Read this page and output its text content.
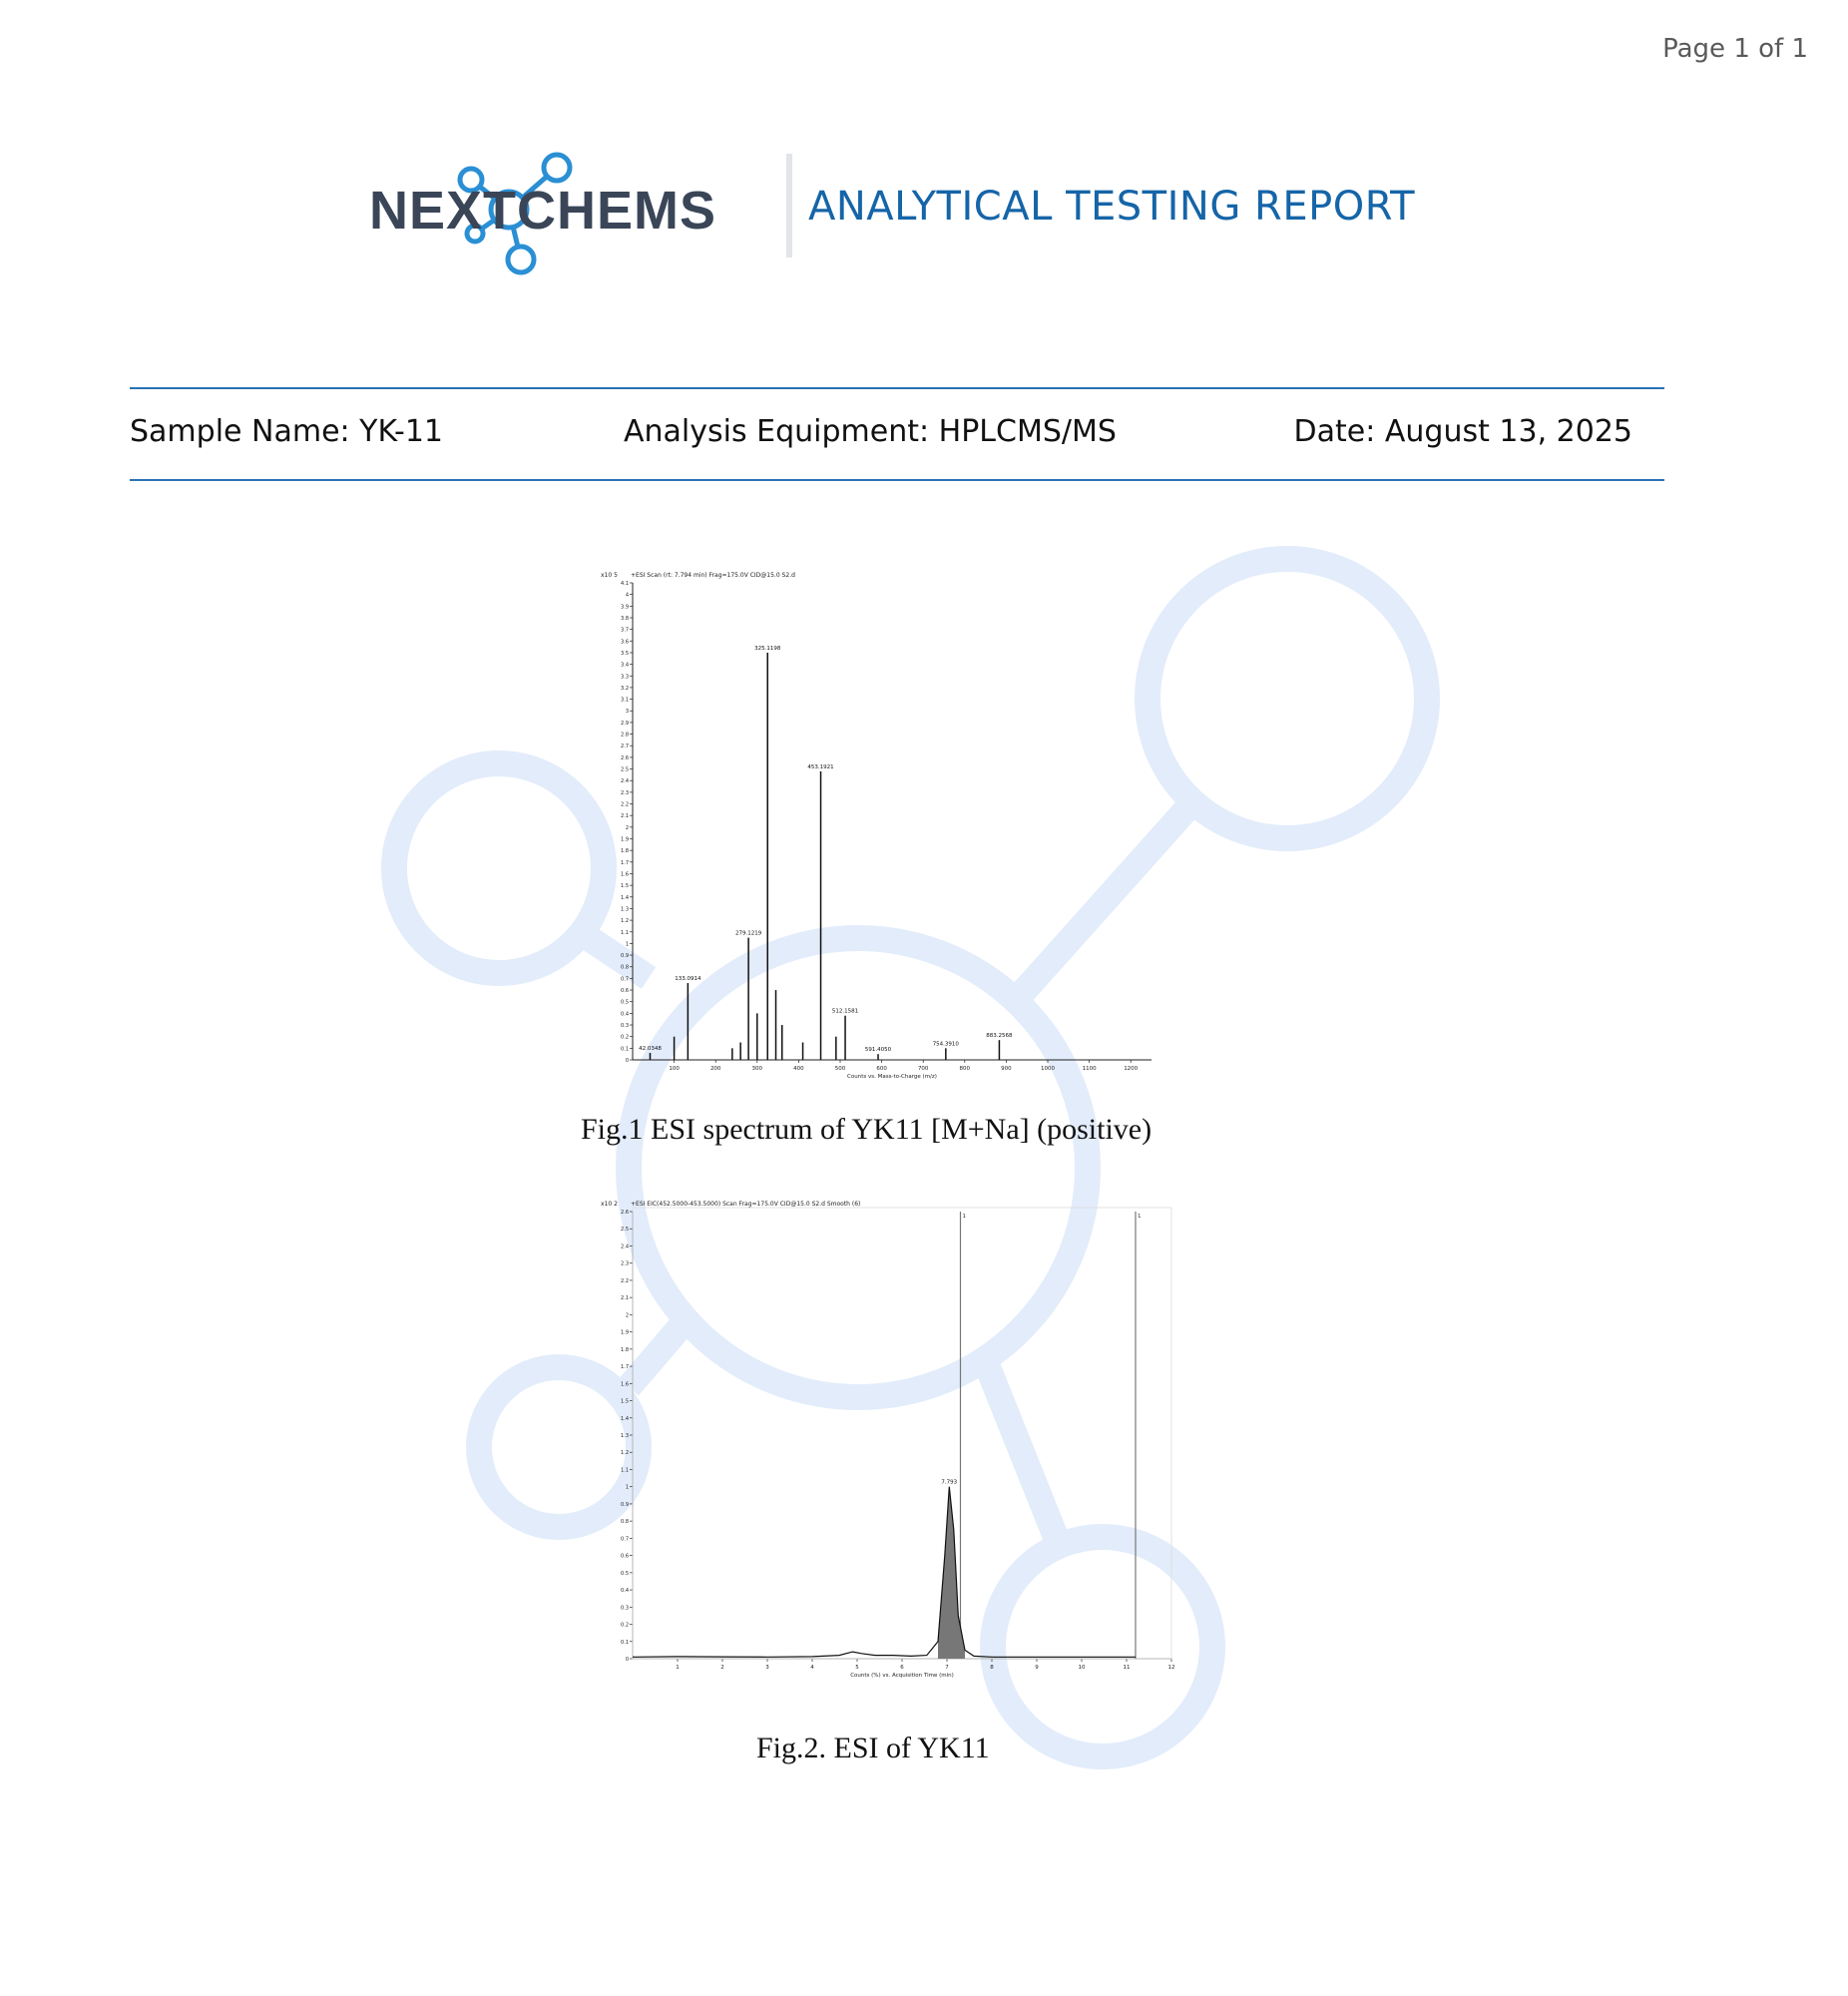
Page 1 of 1
NEXTCHEMS ANALYTICAL TESTING REPORT
Sample Name: YK-11	Analysis Equipment: HPLCMS/MS	Date: August 13, 2025
x10 5 +ESI Scan (rt: 7.794 min) Frag=175.0V CID@15.0 S2.d
0
0.1
0.2
0.3
0.4
0.5
0.6
0.7
0.8
0.9
1
1.1
1.2
1.3
1.4
1.5
1.6
1.7
1.8
1.9
2
2.1
2.2
2.3
2.4
2.5
2.6
2.7
2.8
2.9
3
3.1
3.2
3.3
3.4
3.5
3.6
3.7
3.8
3.9
4
4.1
100	200	300	400	500	600	700	800	900	1000	1100	1200
Counts vs. Mass-to-Charge (m/z)
42.0348
133.0914
279.1219
325.1198
453.1921
512.1581
591.4050
754.3910
883.2568
Fig.1 ESI spectrum of YK11 [M+Na] (positive)
x10 2 +ESI EIC(452.5000-453.5000) Scan Frag=175.0V CID@15.0 S2.d Smooth (6)
0
0.1
0.2
0.3
0.4
0.5
0.6
0.7
0.8
0.9
1
1.1
1.2
1.3
1.4
1.5
1.6
1.7
1.8
1.9
2
2.1
2.2
2.3
2.4
2.5
2.6
1	2	3	4	5	6	7	8	9	10	11	12
Counts (%) vs. Acquisition Time (min)
1	1
7.793
Fig.2. ESI of YK11
